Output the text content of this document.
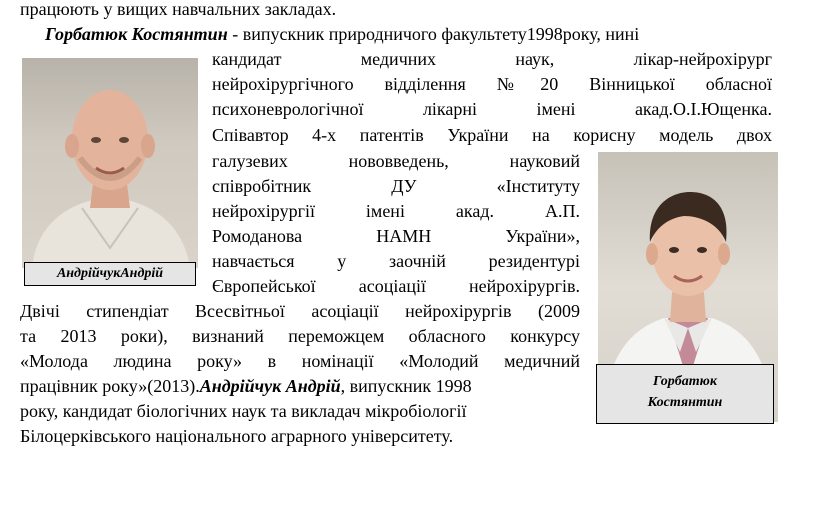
працюють у вищих навчальних закладах.
Горбатюк Костянтин - випускник природничого факультету1998року, нині
кандидат медичних наук, лікар-нейрохірург
нейрохірургічного відділення №20 Вінницької обласної
психоневрологічної лікарні імені акад.О.І.Ющенка.
Співавтор 4-х патентів України на корисну модель двох
галузевих нововведень, науковий
співробітник ДУ «Інституту
нейрохірургії імені акад. А.П.
Ромоданова НАМН України»,
навчається у заочній резидентурі
Європейської асоціації нейрохірургів.
Двічі стипендіат Всесвітньої асоціації нейрохірургів (2009
та 2013 роки), визнаний переможцем обласного конкурсу
«Молода людина року» в номінації «Молодий медичний
працівник року»(2013).Андрійчук Андрій, випускник 1998
року, кандидат біологічних наук та викладач мікробіології
Білоцерківського національного аграрного університету.
АндрійчукАндрій
Горбатюк
Костянтин
